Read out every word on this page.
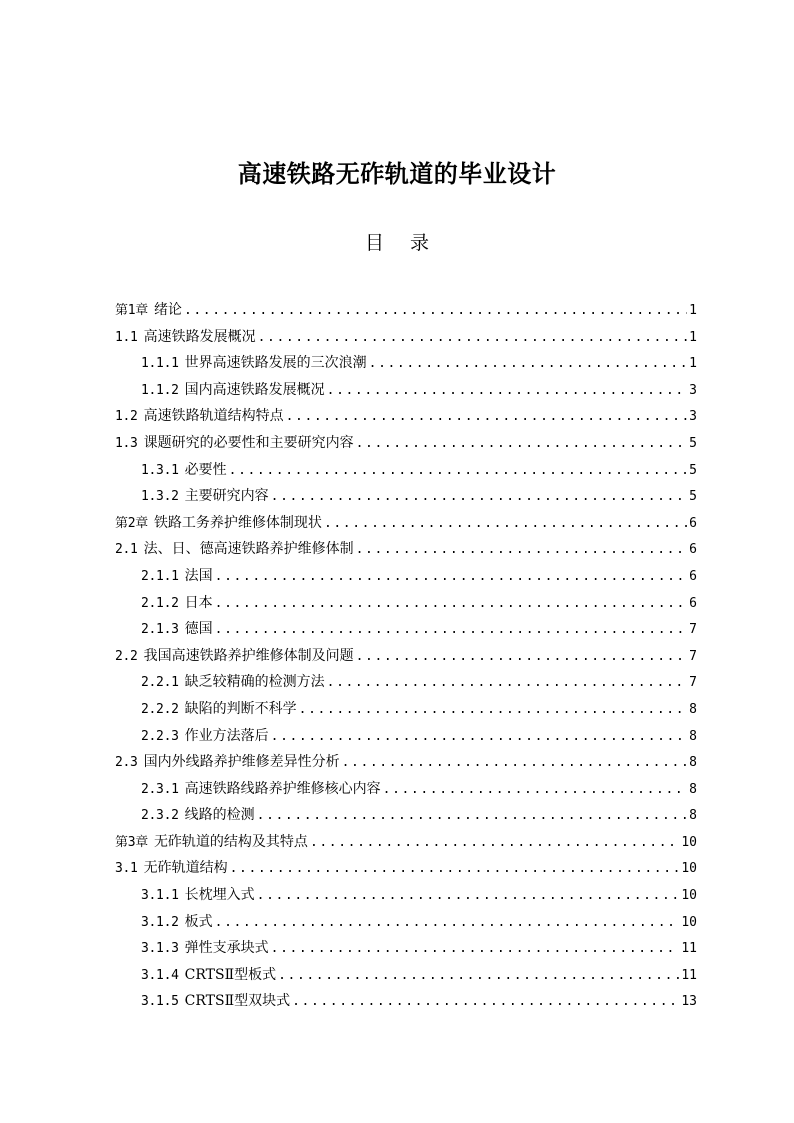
高速铁路无砟轨道的毕业设计
目 录
第1章 绪论 .....	1
1.1 高速铁路发展概况 .....	1
1.1.1 世界高速铁路发展的三次浪潮 .....	1
1.1.2 国内高速铁路发展概况 .....	3
1.2 高速铁路轨道结构特点 .....	3
1.3 课题研究的必要性和主要研究内容 .....	5
1.3.1 必要性 .....	5
1.3.2 主要研究内容 .....	5
第2章 铁路工务养护维修体制现状 .....	6
2.1 法、日、德高速铁路养护维修体制 .....	6
2.1.1 法国 .....	6
2.1.2 日本 .....	6
2.1.3 德国 .....	7
2.2 我国高速铁路养护维修体制及问题 .....	7
2.2.1 缺乏较精确的检测方法 .....	7
2.2.2 缺陷的判断不科学 .....	8
2.2.3 作业方法落后 .....	8
2.3 国内外线路养护维修差异性分析 .....	8
2.3.1 高速铁路线路养护维修核心内容 .....	8
2.3.2 线路的检测 .....	8
第3章 无砟轨道的结构及其特点 .....	10
3.1 无砟轨道结构 .....	10
3.1.1 长枕埋入式 .....	10
3.1.2 板式 .....	10
3.1.3 弹性支承块式 .....	11
3.1.4 CRTSⅡ型板式 .....	11
3.1.5 CRTSⅡ型双块式 .....	13
